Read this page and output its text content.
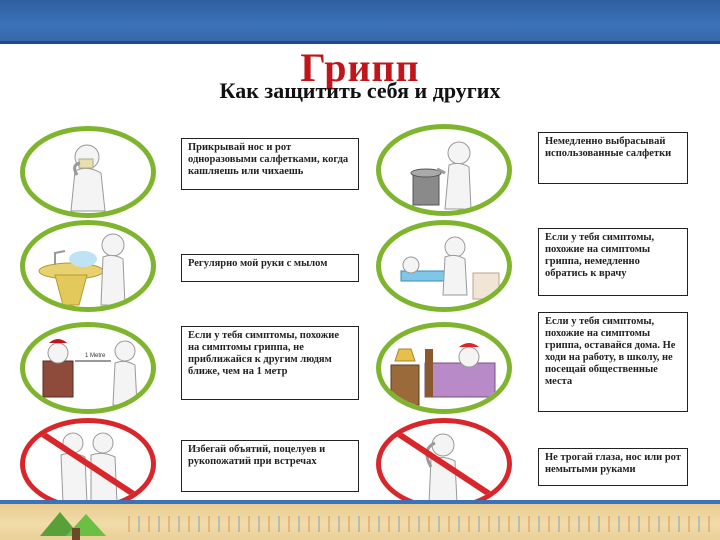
Грипп
Как защитить себя и других
Прикрывай нос и рот одноразовыми салфетками, когда кашляешь или чихаешь
Немедленно выбрасывай использованные салфетки
Регулярно мой руки с мылом
Если у тебя симптомы, похожие на симптомы гриппа, немедленно обратись к врачу
1 Metre
Если у тебя симптомы, похожие на симптомы гриппа, не приближайся к другим людям ближе, чем на 1 метр
Если у тебя симптомы, похожие на симптомы гриппа, оставайся дома. Не ходи на работу, в школу, не посещай общественные места
Избегай объятий, поцелуев и рукопожатий при встречах	Не трогай глаза, нос или рот немытыми руками
